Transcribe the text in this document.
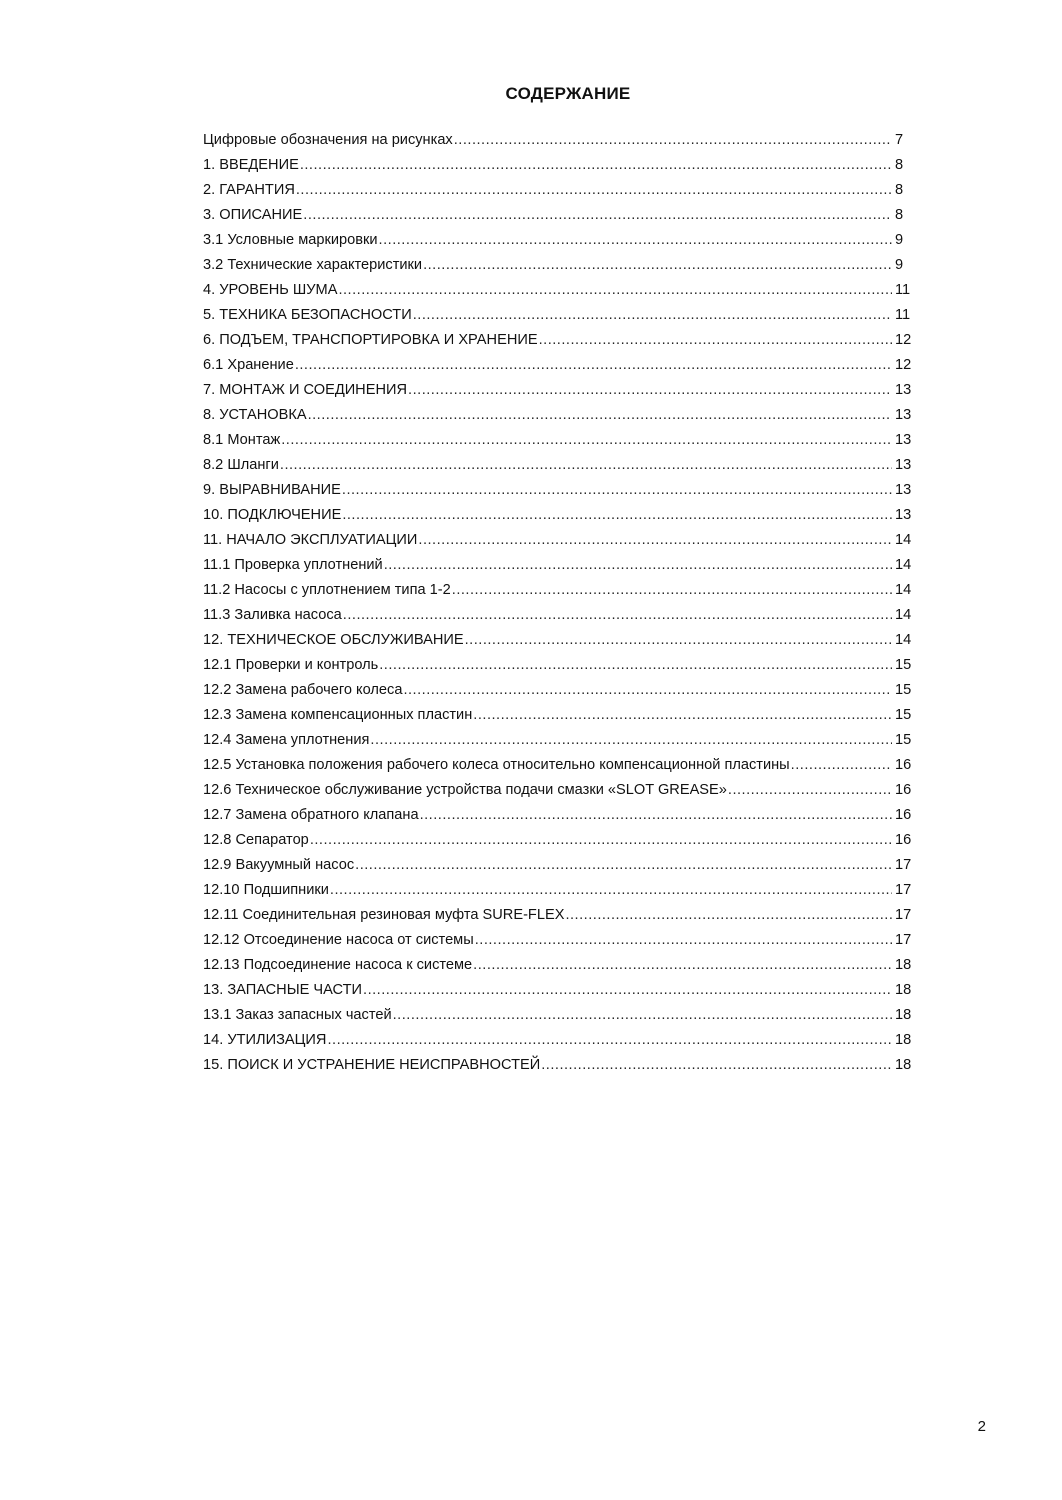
СОДЕРЖАНИЕ
Цифровые обозначения на рисунках .....	7
1. ВВЕДЕНИЕ .....	8
2. ГАРАНТИЯ .....	8
3. ОПИСАНИЕ .....	8
3.1 Условные маркировки .....	9
3.2 Технические характеристики .....	9
4. УРОВЕНЬ ШУМА .....	11
5. ТЕХНИКА БЕЗОПАСНОСТИ .....	11
6. ПОДЪЕМ, ТРАНСПОРТИРОВКА И ХРАНЕНИЕ .....	12
6.1 Хранение .....	12
7. МОНТАЖ И СОЕДИНЕНИЯ .....	13
8. УСТАНОВКА .....	13
8.1 Монтаж .....	13
8.2 Шланги .....	13
9. ВЫРАВНИВАНИЕ .....	13
10. ПОДКЛЮЧЕНИЕ .....	13
11. НАЧАЛО ЭКСПЛУАТИАЦИИ .....	14
11.1 Проверка уплотнений .....	14
11.2 Насосы с уплотнением типа 1-2 .....	14
11.3 Заливка насоса .....	14
12. ТЕХНИЧЕСКОЕ ОБСЛУЖИВАНИЕ .....	14
12.1 Проверки и контроль .....	15
12.2 Замена рабочего колеса .....	15
12.3 Замена компенсационных пластин .....	15
12.4 Замена уплотнения .....	15
12.5 Установка положения рабочего колеса относительно компенсационной пластины .....	16
12.6 Техническое обслуживание устройства подачи смазки «SLOT GREASE» .....	16
12.7 Замена обратного клапана .....	16
12.8 Сепаратор .....	16
12.9 Вакуумный насос .....	17
12.10 Подшипники .....	17
12.11 Соединительная резиновая муфта SURE-FLEX .....	17
12.12 Отсоединение насоса от системы .....	17
12.13 Подсоединение насоса к системе .....	18
13. ЗАПАСНЫЕ ЧАСТИ .....	18
13.1 Заказ запасных частей .....	18
14. УТИЛИЗАЦИЯ .....	18
15. ПОИСК И УСТРАНЕНИЕ НЕИСПРАВНОСТЕЙ .....	18
2
